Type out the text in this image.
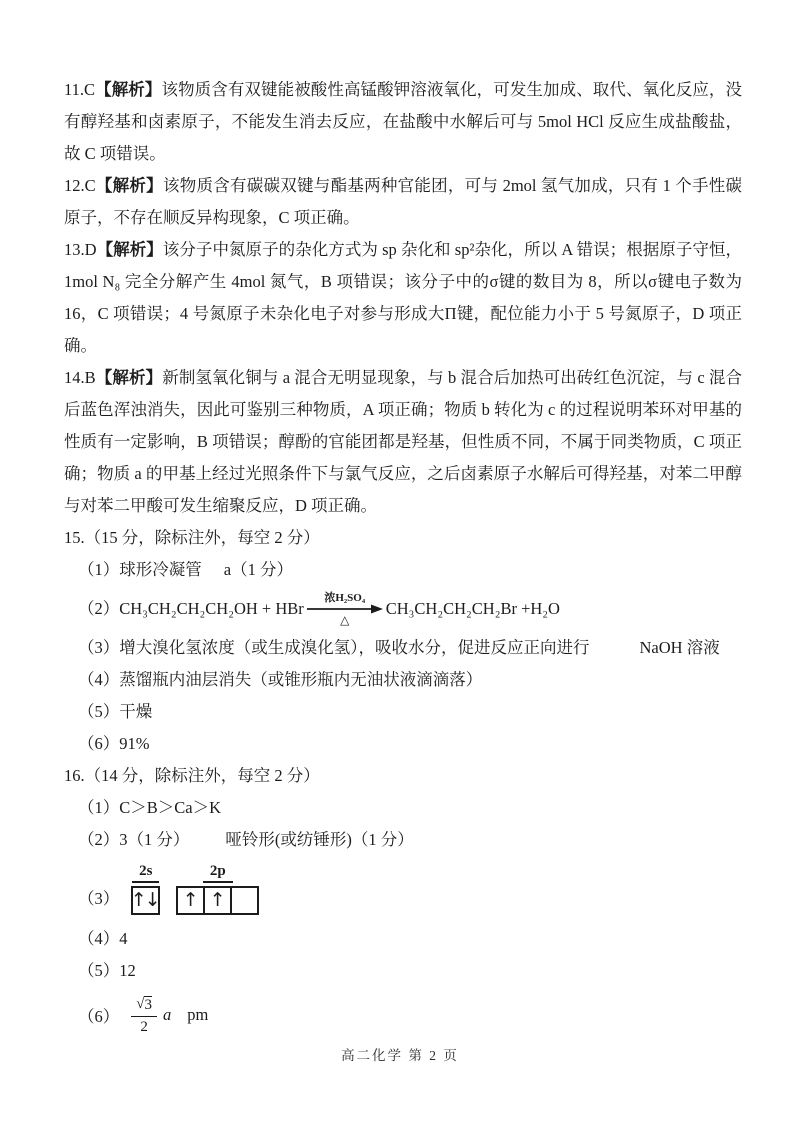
11.C【解析】该物质含有双键能被酸性高锰酸钾溶液氧化，可发生加成、取代、氧化反应，没有醇羟基和卤素原子，不能发生消去反应，在盐酸中水解后可与 5mol HCl 反应生成盐酸盐，故 C 项错误。

12.C【解析】该物质含有碳碳双键与酯基两种官能团，可与 2mol 氢气加成，只有 1 个手性碳原子，不存在顺反异构现象，C 项正确。

13.D【解析】该分子中氮原子的杂化方式为 sp 杂化和 sp²杂化，所以 A 错误；根据原子守恒，1mol N₈ 完全分解产生 4mol 氮气，B 项错误；该分子中的σ键的数目为 8，所以σ键电子数为 16，C 项错误；4 号氮原子未杂化电子对参与形成大Π键，配位能力小于 5 号氮原子，D 项正确。

14.B【解析】新制氢氧化铜与 a 混合无明显现象，与 b 混合后加热可出砖红色沉淀，与 c 混合后蓝色浑浊消失，因此可鉴别三种物质，A 项正确；物质 b 转化为 c 的过程说明苯环对甲基的性质有一定影响，B 项错误；醇酚的官能团都是羟基，但性质不同，不属于同类物质，C 项正确；物质 a 的甲基上经过光照条件下与氯气反应，之后卤素原子水解后可得羟基，对苯二甲醇与对苯二甲酸可发生缩聚反应，D 项正确。

15.（15 分，除标注外，每空 2 分）

（1）球形冷凝管 a（1 分）

（2） CH₃CH₂CH₂CH₂OH + HBr
浓H₂SO₄
△
CH₃CH₂CH₂CH₂Br +H₂O

（3）增大溴化氢浓度（或生成溴化氢），吸收水分，促进反应正向进行	NaOH 溶液

（4）蒸馏瓶内油层消失（或锥形瓶内无油状液滴滴落）

（5）干燥

（6）91%

16.（14 分，除标注外，每空 2 分）

（1）C＞B＞Ca＞K

（2）3（1 分） 哑铃形(或纺锤形)（1 分）

（3）
2s
↑↓
2p
↑ ↑

（4）4

（5）12

$(6) \frac{√ 3}{2}$ a pm
高二化学 第 2 页
